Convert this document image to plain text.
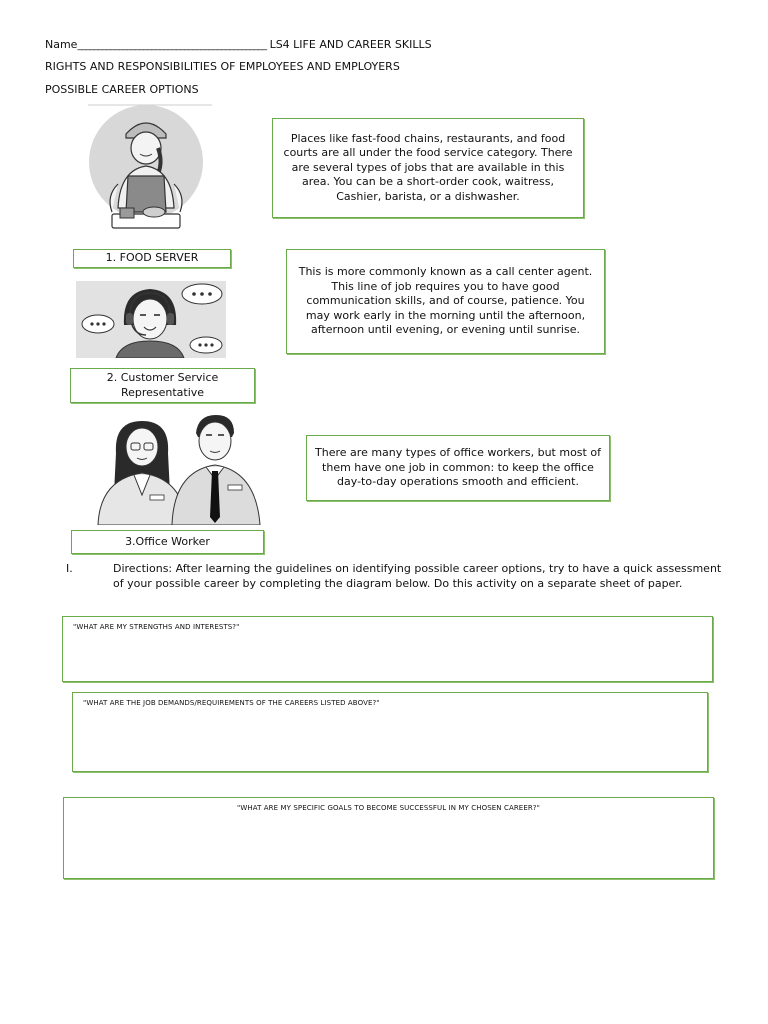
Name______________________________________________ LS4 LIFE AND CAREER SKILLS
RIGHTS AND RESPONSIBILITIES OF EMPLOYEES AND EMPLOYERS
POSSIBLE CAREER OPTIONS
Places like fast-food chains, restaurants, and food courts are all under the food service category. There are several types of jobs that are available in this area. You can be a short-order cook, waitress, Cashier, barista, or a dishwasher.
1. FOOD SERVER
This is more commonly known as a call center agent. This line of job requires you to have good communication skills, and of course, patience. You may work early in the morning until the afternoon, afternoon until evening, or evening until sunrise.
2. Customer Service Representative
There are many types of office workers, but most of them have one job in common: to keep the office day-to-day operations smooth and efficient.
3.Office Worker
I.	Directions: After learning the guidelines on identifying possible career options, try to have a quick assessment of your possible career by completing the diagram below. Do this activity on a separate sheet of paper.
"WHAT ARE MY STRENGTHS AND INTERESTS?"
"WHAT ARE THE JOB DEMANDS/REQUIREMENTS OF THE CAREERS LISTED ABOVE?"
"WHAT ARE MY SPECIFIC GOALS TO BECOME SUCCESSFUL IN MY CHOSEN CAREER?"
